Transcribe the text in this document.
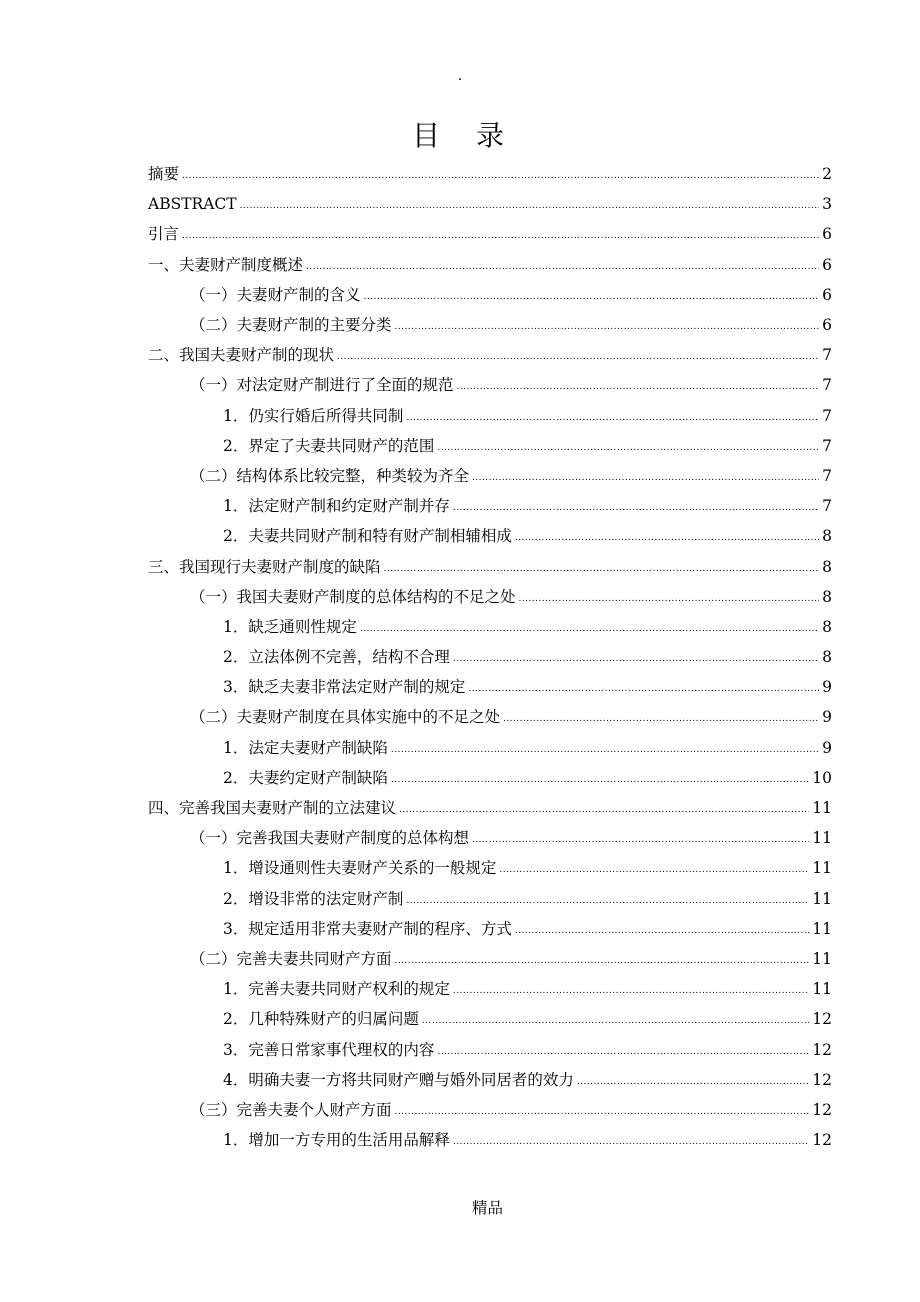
.
目　录
摘要 . . .	2
ABSTRACT . . .	3
引言 . . .	6
一、夫妻财产制度概述 . . .	6
（一）夫妻财产制的含义 . . .	6
（二）夫妻财产制的主要分类 . . .	6
二、我国夫妻财产制的现状 . . .	7
（一）对法定财产制进行了全面的规范 . . .	7
1．仍实行婚后所得共同制 . . .	7
2．界定了夫妻共同财产的范围 . . .	7
（二）结构体系比较完整，种类较为齐全 . . .	7
1．法定财产制和约定财产制并存 . . .	7
2．夫妻共同财产制和特有财产制相辅相成 . . .	8
三、我国现行夫妻财产制度的缺陷 . . .	8
（一）我国夫妻财产制度的总体结构的不足之处 . . .	8
1．缺乏通则性规定 . . .	8
2．立法体例不完善，结构不合理 . . .	8
3．缺乏夫妻非常法定财产制的规定 . . .	9
（二）夫妻财产制度在具体实施中的不足之处 . . .	9
1．法定夫妻财产制缺陷 . . .	9
2．夫妻约定财产制缺陷 . . .	10
四、完善我国夫妻财产制的立法建议 . . .	11
（一）完善我国夫妻财产制度的总体构想 . . .	11
1．增设通则性夫妻财产关系的一般规定 . . .	11
2．增设非常的法定财产制 . . .	11
3．规定适用非常夫妻财产制的程序、方式 . . .	11
（二）完善夫妻共同财产方面 . . .	11
1．完善夫妻共同财产权利的规定 . . .	11
2．几种特殊财产的归属问题 . . .	12
3．完善日常家事代理权的内容 . . .	12
4．明确夫妻一方将共同财产赠与婚外同居者的效力 . . .	12
（三）完善夫妻个人财产方面 . . .	12
1．增加一方专用的生活用品解释 . . .	12
精品
